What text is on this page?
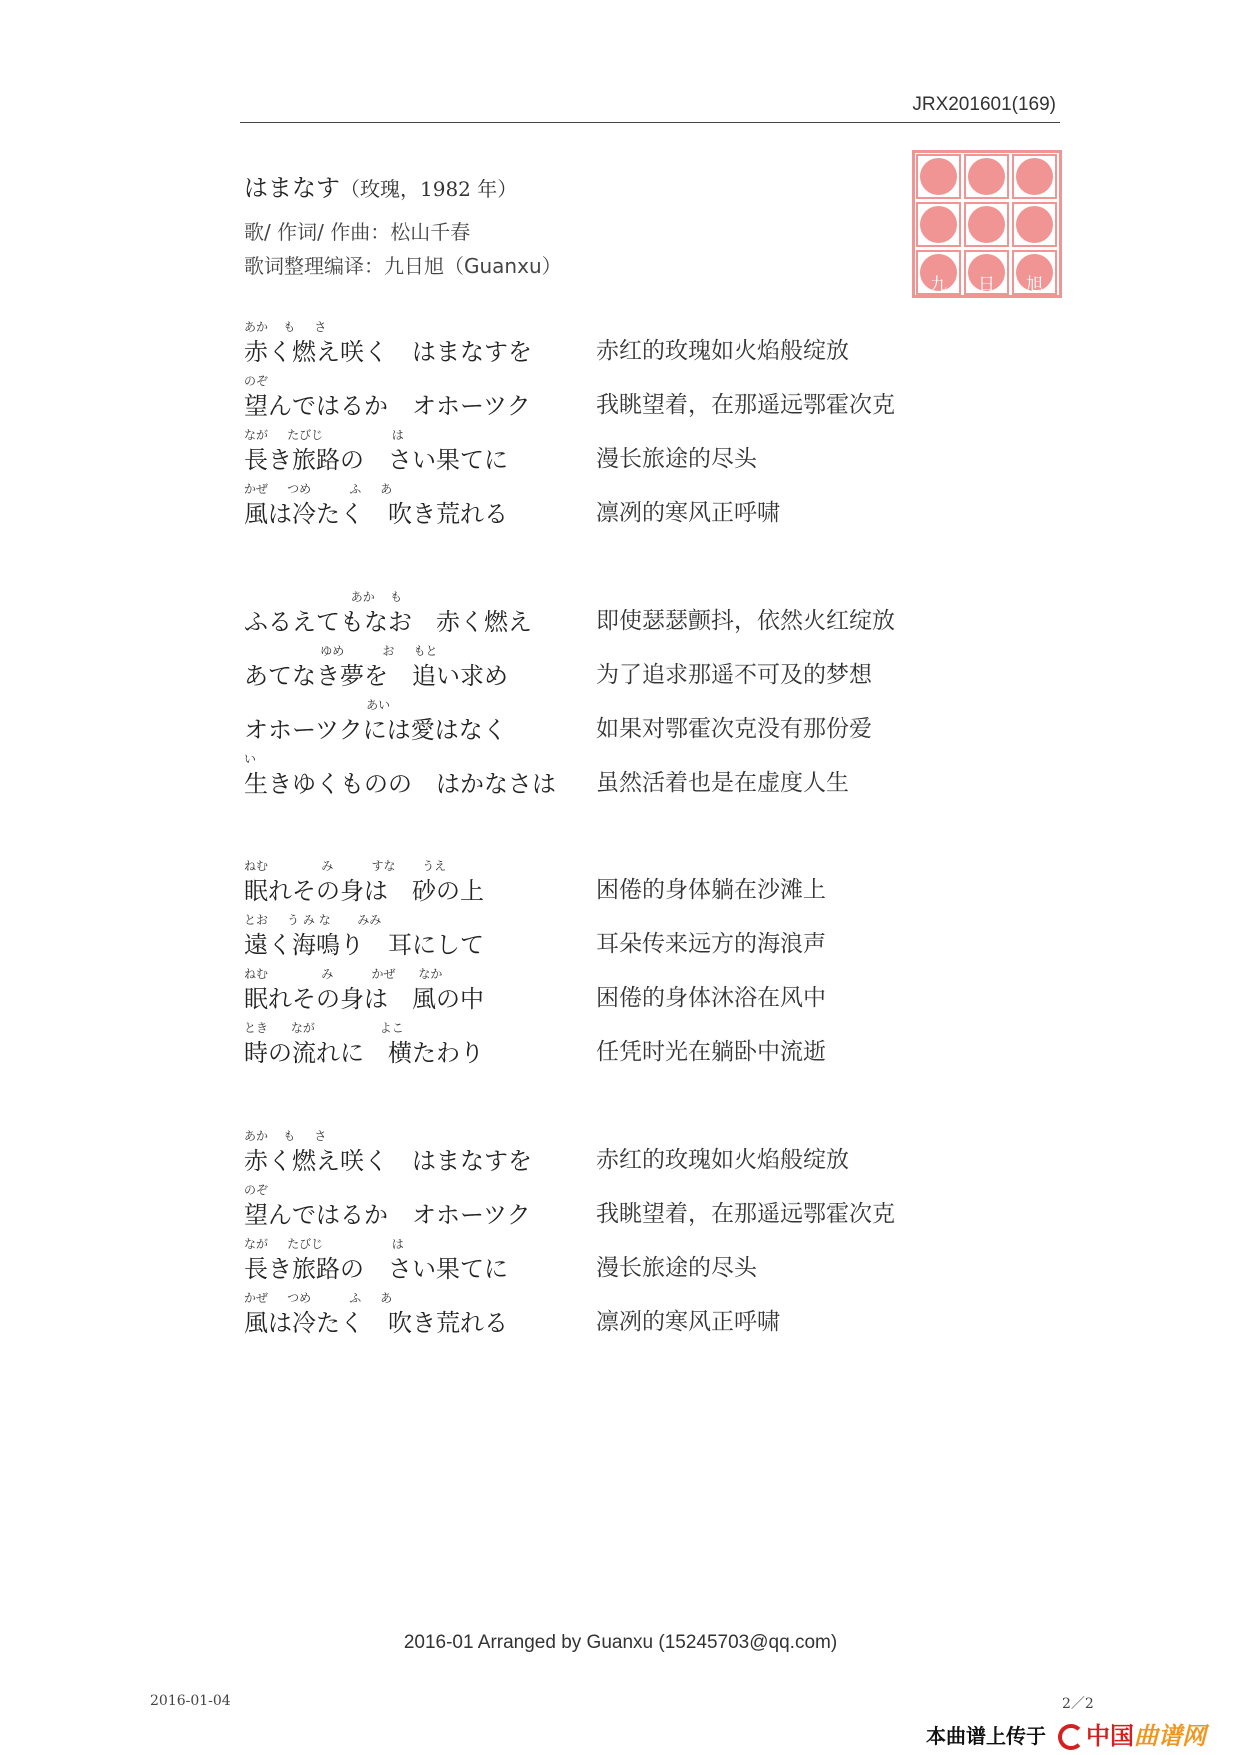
JRX201601(169)
はまなす（玫瑰，1982 年）
歌/ 作词/ 作曲：松山千春
歌词整理编译：九日旭（Guanxu）
九	日	旭
あか    も     さ
赤く燃え咲く　はまなすを	赤红的玫瑰如火焰般绽放
のぞ
望んではるか　オホーツク	我眺望着，在那遥远鄂霍次克
なが     たびじ                  は
長き旅路の　さい果てに	漫长旅途的尽头
かぜ     つめ          ふ     あ
風は冷たく　吹き荒れる	凛冽的寒风正呼啸
あか    も
ふるえてもなお　赤く燃え	即使瑟瑟颤抖，依然火红绽放
ゆめ          お     もと
あてなき夢を　追い求め	为了追求那遥不可及的梦想
あい
オホーツクには愛はなく	如果对鄂霍次克没有那份爱
い
生きゆくものの　はかなさは 虽然活着也是在虚度人生
ねむ              み          すな       うえ
眠れその身は　砂の上	困倦的身体躺在沙滩上
とお     う み な       みみ
遠く海鳴り　耳にして	耳朵传来远方的海浪声
ねむ              み          かぜ      なか
眠れその身は　風の中	困倦的身体沐浴在风中
とき      なが                 よこ
時の流れに　横たわり	任凭时光在躺卧中流逝
あか    も     さ
赤く燃え咲く　はまなすを	赤红的玫瑰如火焰般绽放
のぞ
望んではるか　オホーツク	我眺望着，在那遥远鄂霍次克
なが     たびじ                  は
長き旅路の　さい果てに	漫长旅途的尽头
かぜ     つめ          ふ     あ
風は冷たく　吹き荒れる	凛冽的寒风正呼啸
2016-01 Arranged by Guanxu (15245703@qq.com)
2016-01-04	2／2
本曲谱上传于	中国曲谱网
